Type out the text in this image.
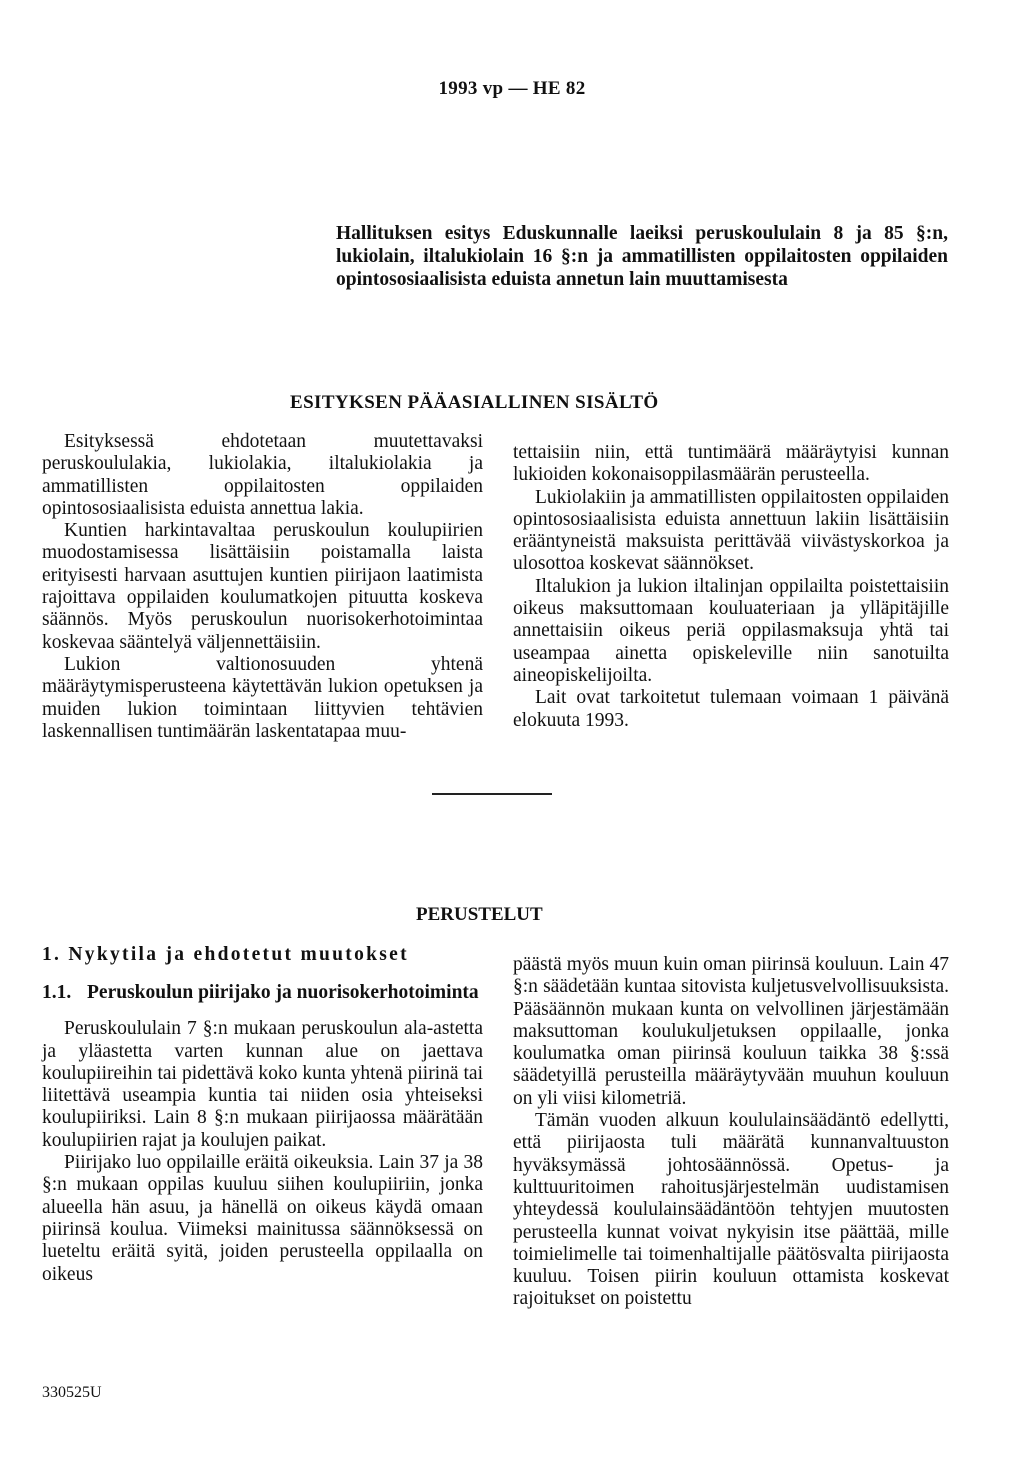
1993 vp — HE 82
Hallituksen esitys Eduskunnalle laeiksi peruskoululain 8 ja 85 §:n, lukiolain, iltalukiolain 16 §:n ja ammatillisten oppilaitosten oppilaiden opintososiaalisista eduista annetun lain muuttamisesta
ESITYKSEN PÄÄASIALLINEN SISÄLTÖ

Esityksessä ehdotetaan muutettavaksi peruskoululakia, lukiolakia, iltalukiolakia ja ammatillisten oppilaitosten oppilaiden opintososiaalisista eduista annettua lakia.

Kuntien harkintavaltaa peruskoulun koulupiirien muodostamisessa lisättäisiin poistamalla laista erityisesti harvaan asuttujen kuntien piirijaon laatimista rajoittava oppilaiden koulumatkojen pituutta koskeva säännös. Myös peruskoulun nuorisokerhotoimintaa koskevaa sääntelyä väljennettäisiin.

Lukion valtionosuuden yhtenä määräytymisperusteena käytettävän lukion opetuksen ja muiden lukion toimintaan liittyvien tehtävien laskennallisen tuntimäärän laskentatapaa muu-

tettaisiin niin, että tuntimäärä määräytyisi kunnan lukioiden kokonaisoppilasmäärän perusteella.

Lukiolakiin ja ammatillisten oppilaitosten oppilaiden opintososiaalisista eduista annettuun lakiin lisättäisiin erääntyneistä maksuista perittävää viivästyskorkoa ja ulosottoa koskevat säännökset.

Iltalukion ja lukion iltalinjan oppilailta poistettaisiin oikeus maksuttomaan kouluateriaan ja ylläpitäjille annettaisiin oikeus periä oppilasmaksuja yhtä tai useampaa ainetta opiskeleville niin sanotuilta aineopiskelijoilta.

Lait ovat tarkoitetut tulemaan voimaan 1 päivänä elokuuta 1993.

PERUSTELUT
1. Nykytila ja ehdotetut muutokset
1.1. Peruskoulun piirijako ja nuorisokerhotoiminta

Peruskoululain 7 §:n mukaan peruskoulun ala-astetta ja yläastetta varten kunnan alue on jaettava koulupiireihin tai pidettävä koko kunta yhtenä piirinä tai liitettävä useampia kuntia tai niiden osia yhteiseksi koulupiiriksi. Lain 8 §:n mukaan piirijaossa määrätään koulupiirien rajat ja koulujen paikat.

Piirijako luo oppilaille eräitä oikeuksia. Lain 37 ja 38 §:n mukaan oppilas kuuluu siihen koulupiiriin, jonka alueella hän asuu, ja hänellä on oikeus käydä omaan piirinsä koulua. Viimeksi mainitussa säännöksessä on lueteltu eräitä syitä, joiden perusteella oppilaalla on oikeus

päästä myös muun kuin oman piirinsä kouluun. Lain 47 §:n säädetään kuntaa sitovista kuljetusvelvollisuuksista. Pääsäännön mukaan kunta on velvollinen järjestämään maksuttoman koulukuljetuksen oppilaalle, jonka koulumatka oman piirinsä kouluun taikka 38 §:ssä säädetyillä perusteilla määräytyvään muuhun kouluun on yli viisi kilometriä.

Tämän vuoden alkuun koululainsäädäntö edellytti, että piirijaosta tuli määrätä kunnanvaltuuston hyväksymässä johtosäännössä. Opetus- ja kulttuuritoimen rahoitusjärjestelmän uudistamisen yhteydessä koululainsäädäntöön tehtyjen muutosten perusteella kunnat voivat nykyisin itse päättää, mille toimielimelle tai toimenhaltijalle päätösvalta piirijaosta kuuluu. Toisen piirin kouluun ottamista koskevat rajoitukset on poistettu

330525U
